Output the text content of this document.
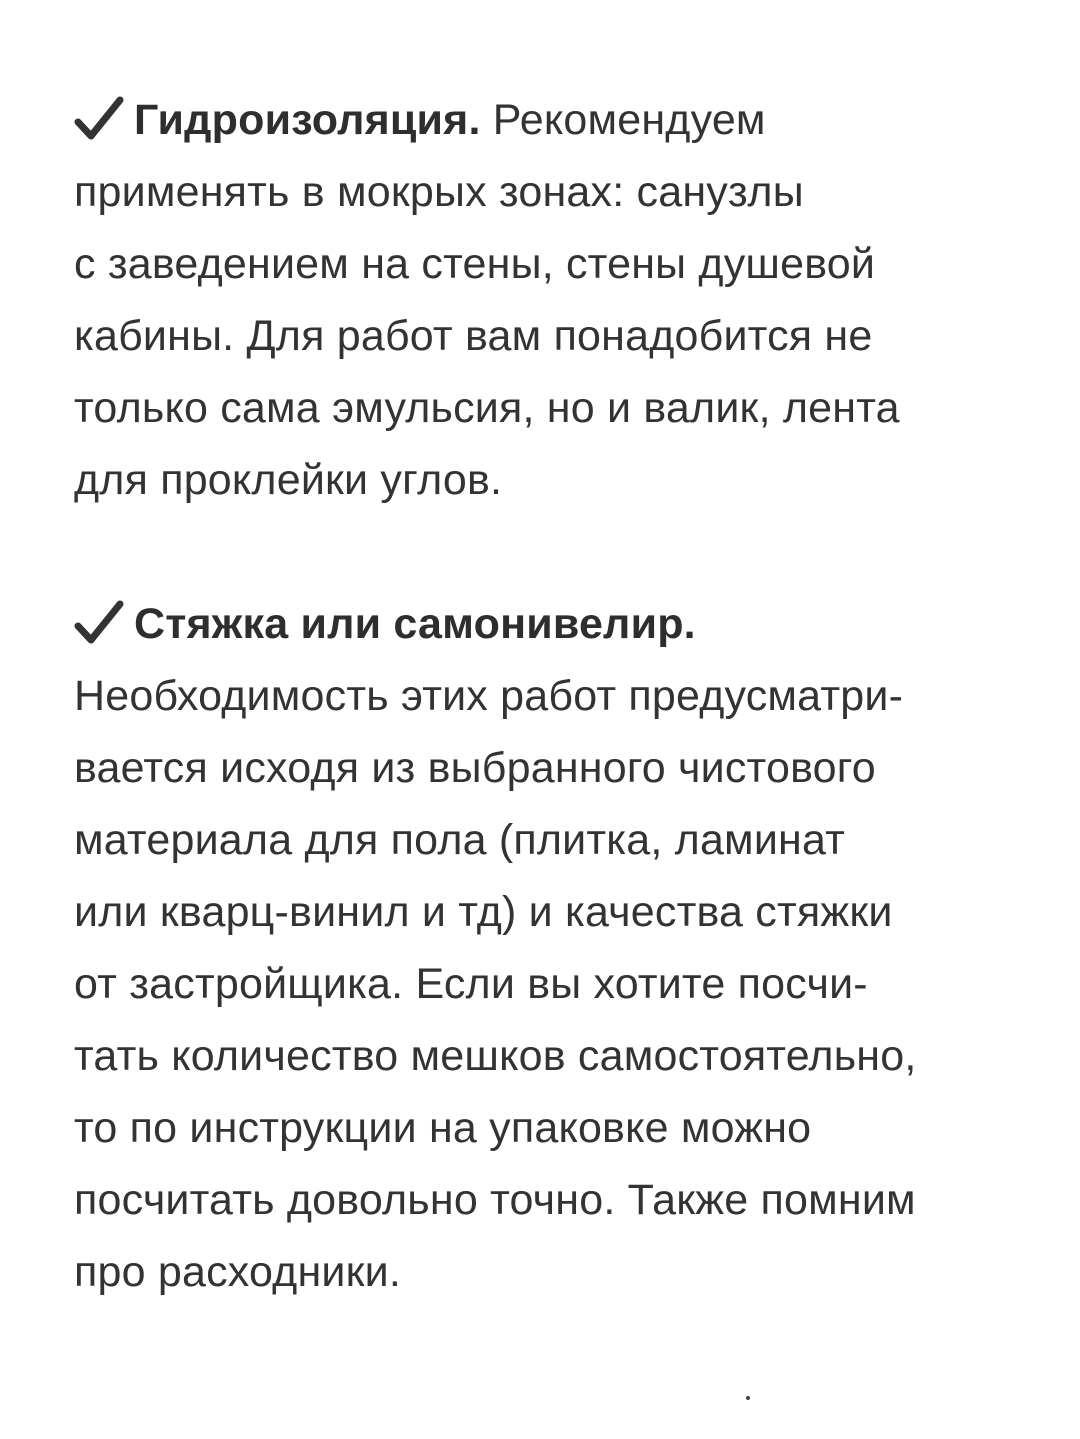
Гидроизоляция. Рекомендуем
применять в мокрых зонах: санузлы
с заведением на стены, стены душевой
кабины. Для работ вам понадобится не
только сама эмульсия, но и валик, лента
для проклейки углов.
Стяжка или самонивелир.
Необходимость этих работ предусматри-
вается исходя из выбранного чистового
материала для пола (плитка, ламинат
или кварц-винил и тд) и качества стяжки
от застройщика. Если вы хотите посчи-
тать количество мешков самостоятельно,
то по инструкции на упаковке можно
посчитать довольно точно. Также помним
про расходники.
